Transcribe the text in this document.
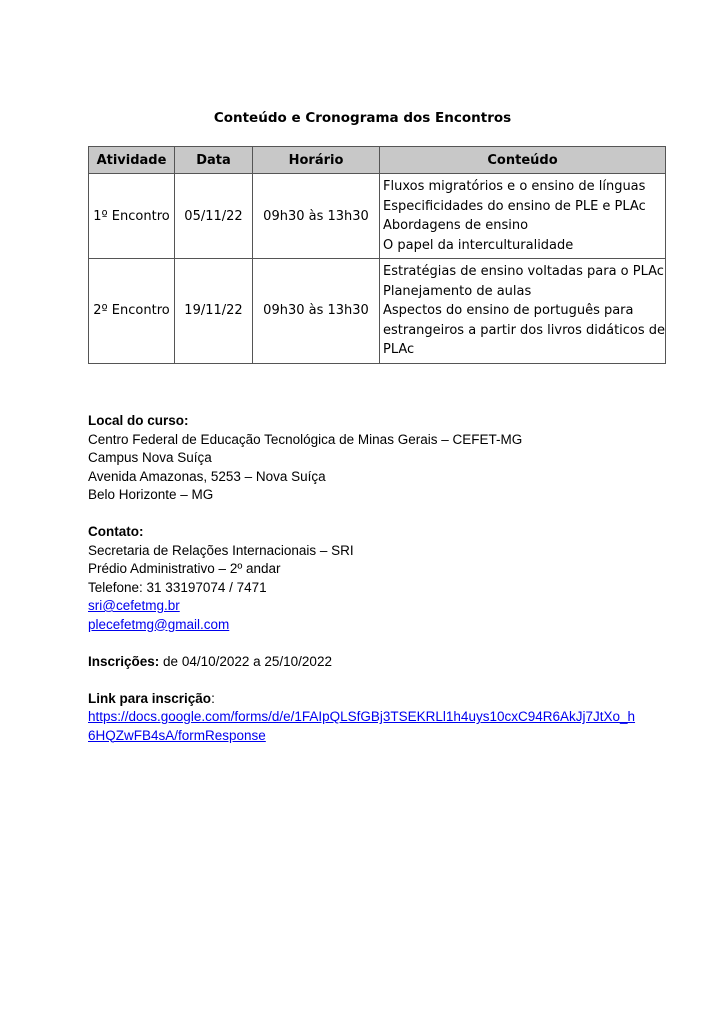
Conteúdo e Cronograma dos Encontros
Atividade	Data	Horário	Conteúdo
1º Encontro	05/11/22	09h30 às 13h30	Fluxos migratórios e o ensino de línguas
Especificidades do ensino de PLE e PLAc
Abordagens de ensino
O papel da interculturalidade

2º Encontro	19/11/22	09h30 às 13h30	Estratégias de ensino voltadas para o PLAc
Planejamento de aulas
Aspectos do ensino de português para
estrangeiros a partir dos livros didáticos de
PLAc
Local do curso:
Centro Federal de Educação Tecnológica de Minas Gerais – CEFET-MG
Campus Nova Suíça
Avenida Amazonas, 5253 – Nova Suíça
Belo Horizonte – MG
Contato:
Secretaria de Relações Internacionais – SRI
Prédio Administrativo – 2º andar
Telefone: 31 33197074 / 7471
sri@cefetmg.br
plecefetmg@gmail.com
Inscrições: de 04/10/2022 a 25/10/2022
Link para inscrição:
https://docs.google.com/forms/d/e/1FAIpQLSfGBj3TSEKRLl1h4uys10cxC94R6AkJj7JtXo_h
6HQZwFB4sA/formResponse
